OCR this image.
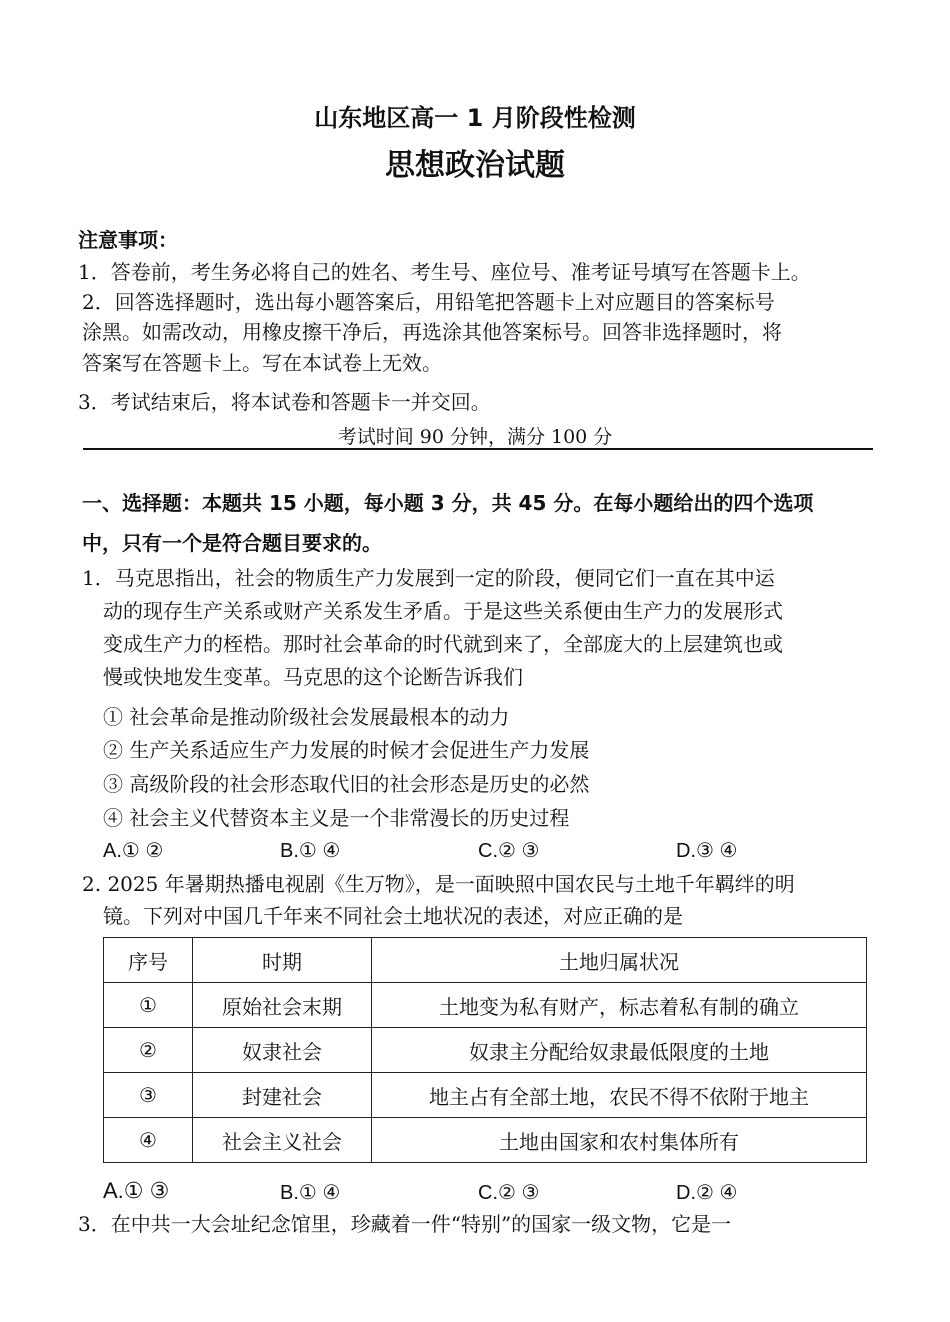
山东地区高一 1 月阶段性检测
思想政治试题
注意事项：
1．答卷前，考生务必将自己的姓名、考生号、座位号、准考证号填写在答题卡上。
2．回答选择题时，选出每小题答案后，用铅笔把答题卡上对应题目的答案标号
涂黑。如需改动，用橡皮擦干净后，再选涂其他答案标号。回答非选择题时，将
答案写在答题卡上。写在本试卷上无效。
3．考试结束后，将本试卷和答题卡一并交回。
考试时间 90 分钟，满分 100 分
一、选择题：本题共 15 小题，每小题 3 分，共 45 分。在每小题给出的四个选项
中，只有一个是符合题目要求的。
1．马克思指出，社会的物质生产力发展到一定的阶段，便同它们一直在其中运
动的现存生产关系或财产关系发生矛盾。于是这些关系便由生产力的发展形式
变成生产力的桎梏。那时社会革命的时代就到来了，全部庞大的上层建筑也或
慢或快地发生变革。马克思的这个论断告诉我们
① 社会革命是推动阶级社会发展最根本的动力
② 生产关系适应生产力发展的时候才会促进生产力发展
③ 高级阶段的社会形态取代旧的社会形态是历史的必然
④ 社会主义代替资本主义是一个非常漫长的历史过程
A.① ②	B.① ④	C.② ③	D.③ ④
2. 2025 年暑期热播电视剧《生万物》，是一面映照中国农民与土地千年羁绊的明
镜。下列对中国几千年来不同社会土地状况的表述，对应正确的是
序号	时期	土地归属状况
①	原始社会末期	土地变为私有财产，标志着私有制的确立
②	奴隶社会	奴隶主分配给奴隶最低限度的土地
③	封建社会	地主占有全部土地，农民不得不依附于地主
④	社会主义社会	土地由国家和农村集体所有
A.① ③	B.① ④	C.② ③	D.② ④
3．在中共一大会址纪念馆里，珍藏着一件“特别”的国家一级文物，它是一
